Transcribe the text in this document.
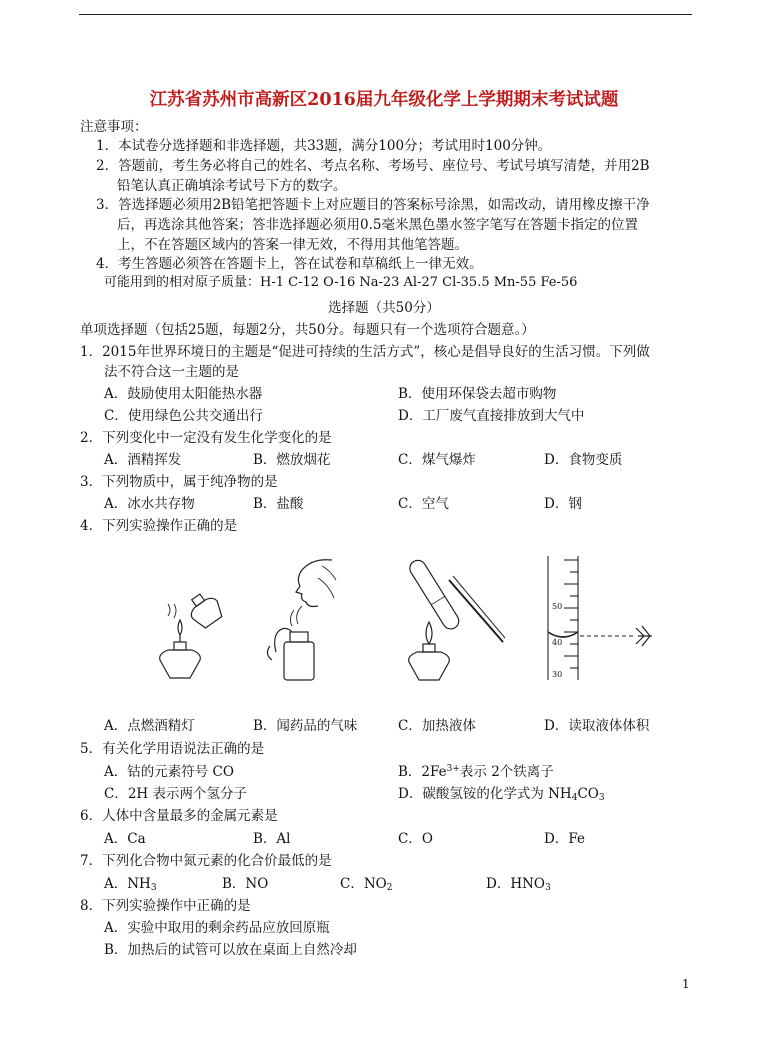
江苏省苏州市高新区2016届九年级化学上学期期末考试试题
注意事项：
1．本试卷分选择题和非选择题，共33题，满分100分；考试用时100分钟。
2．答题前，考生务必将自己的姓名、考点名称、考场号、座位号、考试号填写清楚，并用2B
铅笔认真正确填涂考试号下方的数字。
3．答选择题必须用2B铅笔把答题卡上对应题目的答案标号涂黑，如需改动，请用橡皮擦干净
后，再选涂其他答案；答非选择题必须用0.5毫米黑色墨水签字笔写在答题卡指定的位置
上，不在答题区域内的答案一律无效，不得用其他笔答题。
4．考生答题必须答在答题卡上，答在试卷和草稿纸上一律无效。
可能用到的相对原子质量：H-1 C-12 O-16 Na-23 Al-27 Cl-35.5 Mn-55 Fe-56
选择题（共50分）
单项选择题（包括25题，每题2分，共50分。每题只有一个选项符合题意。）
1．2015年世界环境日的主题是“促进可持续的生活方式”，核心是倡导良好的生活习惯。下列做
法不符合这一主题的是
A．鼓励使用太阳能热水器	B．使用环保袋去超市购物
C．使用绿色公共交通出行	D．工厂废气直接排放到大气中
2．下列变化中一定没有发生化学变化的是
A．酒精挥发	B．燃放烟花	C．煤气爆炸	D．食物变质
3．下列物质中，属于纯净物的是
A．冰水共存物	B．盐酸	C．空气	D．钢
4．下列实验操作正确的是
50
40
30
A．点燃酒精灯	B．闻药品的气味	C．加热液体	D．读取液体体积
5．有关化学用语说法正确的是
A．钴的元素符号 CO	B．$2Fe^{3+}$表示 2个铁离子
C．2H 表示两个氢分子	D．碳酸氢铵的化学式为 $NH_4CO_3$
6．人体中含量最多的金属元素是
A．Ca	B．Al	C．O	D．Fe
7．下列化合物中氮元素的化合价最低的是
A．$NH_3$	B．NO	C．$NO_2$	D．$HNO_3$
8．下列实验操作中正确的是
A．实验中取用的剩余药品应放回原瓶
B．加热后的试管可以放在桌面上自然冷却
1
